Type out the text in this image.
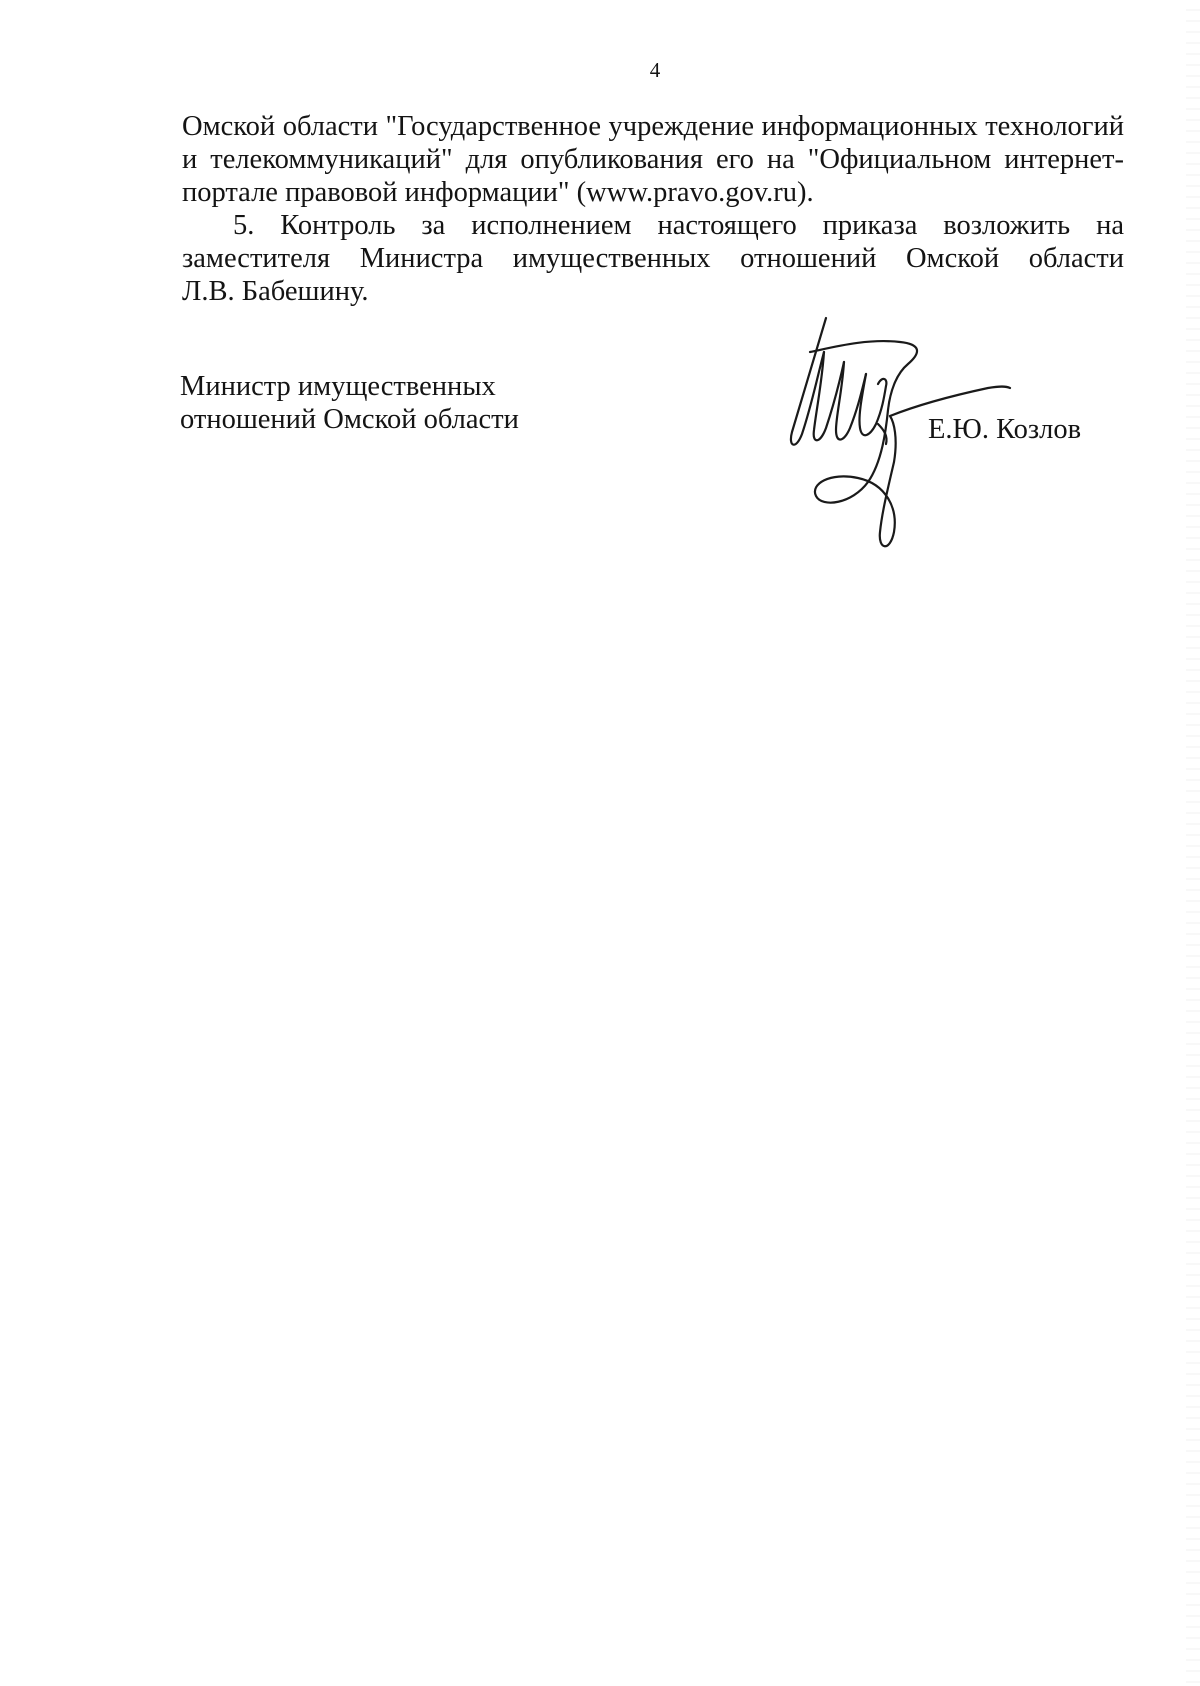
4
Омской области "Государственное учреждение информационных технологий
и телекоммуникаций" для опубликования его на "Официальном интернет-
портале правовой информации" (www.pravo.gov.ru).
5. Контроль за исполнением настоящего приказа возложить на
заместителя Министра имущественных отношений Омской области
Л.В. Бабешину.
Министр имущественных
отношений Омской области	Е.Ю. Козлов
